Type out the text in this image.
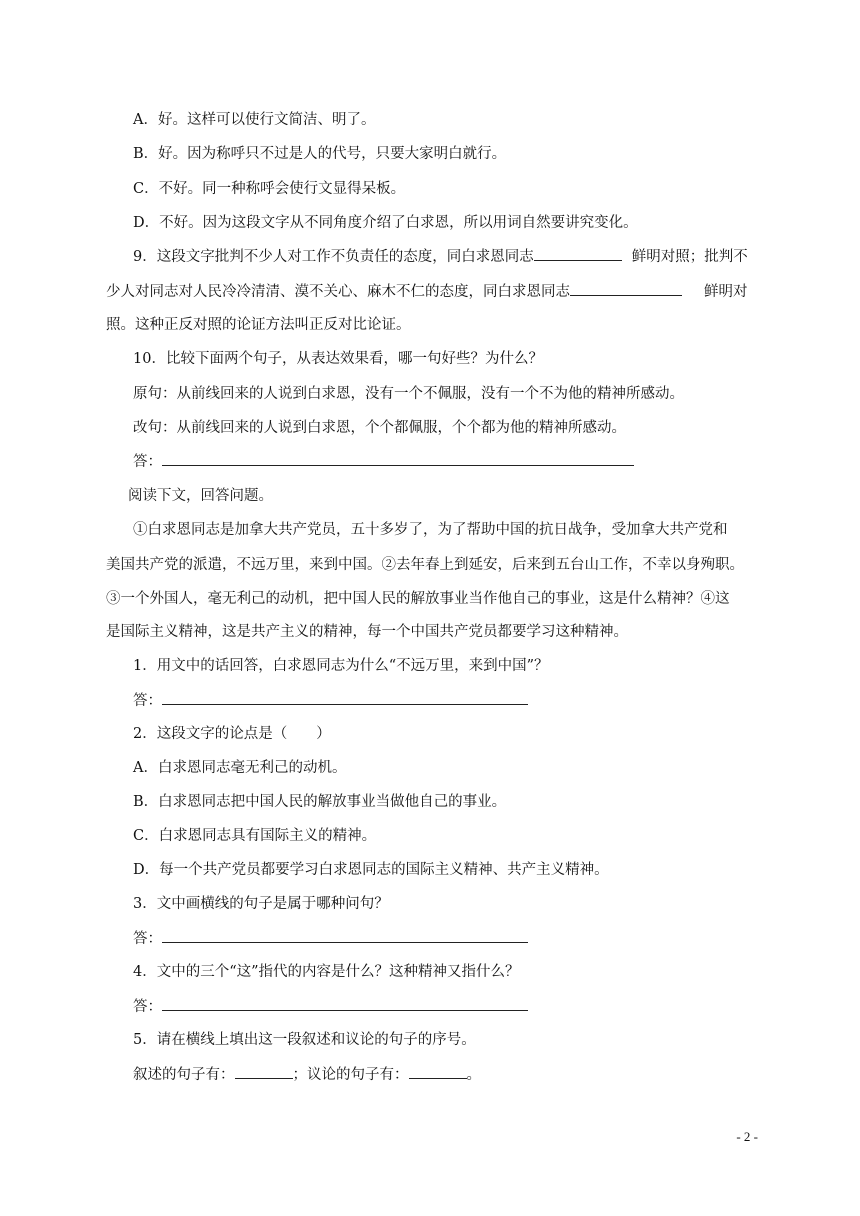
A．好。这样可以使行文简洁、明了。
B．好。因为称呼只不过是人的代号，只要大家明白就行。
C．不好。同一种称呼会使行文显得呆板。
D．不好。因为这段文字从不同角度介绍了白求恩，所以用词自然要讲究变化。
9．这段文字批判不少人对工作不负责任的态度，同白求恩同志	鲜明对照；批判不
少人对同志对人民冷冷清清、漠不关心、麻木不仁的态度，同白求恩同志	鲜明对
照。这种正反对照的论证方法叫正反对比论证。
10．比较下面两个句子，从表达效果看，哪一句好些？为什么？
原句：从前线回来的人说到白求恩，没有一个不佩服，没有一个不为他的精神所感动。
改句：从前线回来的人说到白求恩，个个都佩服，个个都为他的精神所感动。
答：
阅读下文，回答问题。
①白求恩同志是加拿大共产党员，五十多岁了，为了帮助中国的抗日战争，受加拿大共产党和
美国共产党的派遣，不远万里，来到中国。②去年春上到延安，后来到五台山工作，不幸以身殉职。
③一个外国人，毫无利己的动机，把中国人民的解放事业当作他自己的事业，这是什么精神？④这
是国际主义精神，这是共产主义的精神，每一个中国共产党员都要学习这种精神。
1．用文中的话回答，白求恩同志为什么“不远万里，来到中国”？
答：
2．这段文字的论点是（　　）
A．白求恩同志毫无利己的动机。
B．白求恩同志把中国人民的解放事业当做他自己的事业。
C．白求恩同志具有国际主义的精神。
D．每一个共产党员都要学习白求恩同志的国际主义精神、共产主义精神。
3．文中画横线的句子是属于哪种问句？
答：
4．文中的三个“这”指代的内容是什么？这种精神又指什么？
答：
5．请在横线上填出这一段叙述和议论的句子的序号。
叙述的句子有：	；议论的句子有：	。
- 2 -
